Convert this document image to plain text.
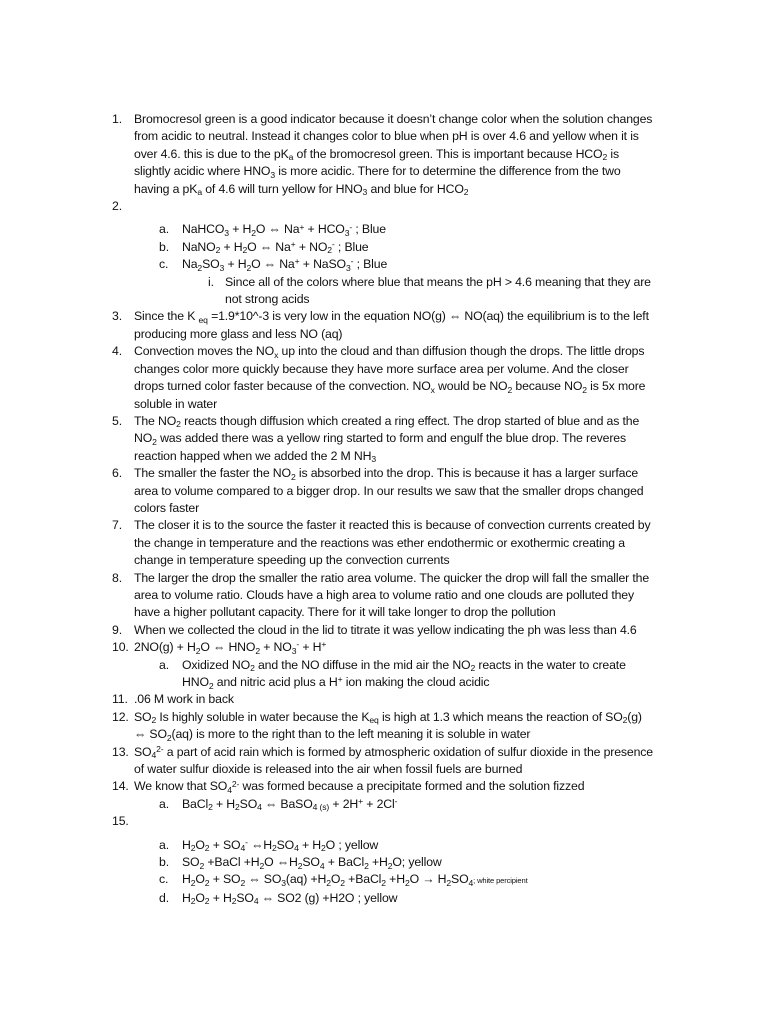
1. Bromocresol green is a good indicator because it doesn’t change color when the solution changes from acidic to neutral. Instead it changes color to blue when pH is over 4.6 and yellow when it is over 4.6. this is due to the $pK_a$ of the bromocresol green. This is important because $HCO_2$ is slightly acidic where $HNO_3$ is more acidic. There for to determine the difference from the two having a $pK_a$ of 4.6 will turn yellow for $HNO_3$ and blue for $HCO_2$
2.

a. NaHCO$_3$ + $H_2O$ ⇔ $Na^+ + HCO_3^-$ ; Blue
b. NaNO$_2$ + $H_2O$ ⇔ $Na^+ + NO_2^-$ ; Blue
c. $Na_2SO_3 + H_2O$ ⇔ Na+ + NaSO$_3$- ; Blue
i. Since all of the colors where blue that means the pH > 4.6 meaning that they are not strong acids
3. Since the K $_{eq}$ =1.9*10^-3 is very low in the equation NO(g) ⇔ NO(aq) the equilibrium is to the left producing more glass and less NO (aq)
4. Convection moves the $NO_x$ up into the cloud and than diffusion though the drops. The little drops changes color more quickly because they have more surface area per volume. And the closer drops turned color faster because of the convection. $NO_x$ would be $NO_2$ because $NO_2$ is 5x more soluble in water
5. The $NO_2$ reacts though diffusion which created a ring effect. The drop started of blue and as the $NO_2$ was added there was a yellow ring started to form and engulf the blue drop. The reveres reaction happed when we added the 2 M $NH_3$
6. The smaller the faster the $NO_2$ is absorbed into the drop. This is because it has a larger surface area to volume compared to a bigger drop. In our results we saw that the smaller drops changed colors faster
7. The closer it is to the source the faster it reacted this is because of convection currents created by the change in temperature and the reactions was ether endothermic or exothermic creating a change in temperature speeding up the convection currents
8. The larger the drop the smaller the ratio area volume. The quicker the drop will fall the smaller the area to volume ratio. Clouds have a high area to volume ratio and one clouds are polluted they have a higher pollutant capacity. There for it will take longer to drop the pollution
9. When we collected the cloud in the lid to titrate it was yellow indicating the ph was less than 4.6
10. $2NO(g) + H_2O$ ⇔ $HNO_2 + NO_3^- + H^+$
a. Oxidized $NO_2$ and the NO diffuse in the mid air the $NO_2$ reacts in the water to create $HNO_2$ and nitric acid plus a H+ ion making the cloud acidic
11. .06 M work in back
12. $SO_2$ Is highly soluble in water because the $K_{eq}$ is high at 1.3 which means the reaction of $SO_2(g)$ ⇔ $SO_2(aq)$ is more to the right than to the left meaning it is soluble in water
13. $SO_4^{2-}$ a part of acid rain which is formed by atmospheric oxidation of sulfur dioxide in the presence of water sulfur dioxide is released into the air when fossil fuels are burned
14. We know that $SO_4^{2-}$ was formed because a precipitate formed and the solution fizzed
a. BaCl$_2$ + $H_2SO_4$ ⇔ BaSO$_{4 (s)}$ + 2H+ + 2Cl-
15.

a. $H_2O_2 + SO_4^-$ $\Leftrightarrow H_2SO_4 + H_2O$ ; yellow
b. $SO_2$ +BaCl $+H_2O$ $\Leftrightarrow H_2SO_4$ + BaCl$_2$ $+H_2O$; yellow
c. $H_2O_2 + SO_2$ ⇔ $SO_3(aq) +H_2O_2$ +BaCl$_2$ $+H_2O \to H_2SO_4$; white percipient
d. $H_2O_2 + H_2SO_4$ ⇔ SO2 (g) +H2O ; yellow
